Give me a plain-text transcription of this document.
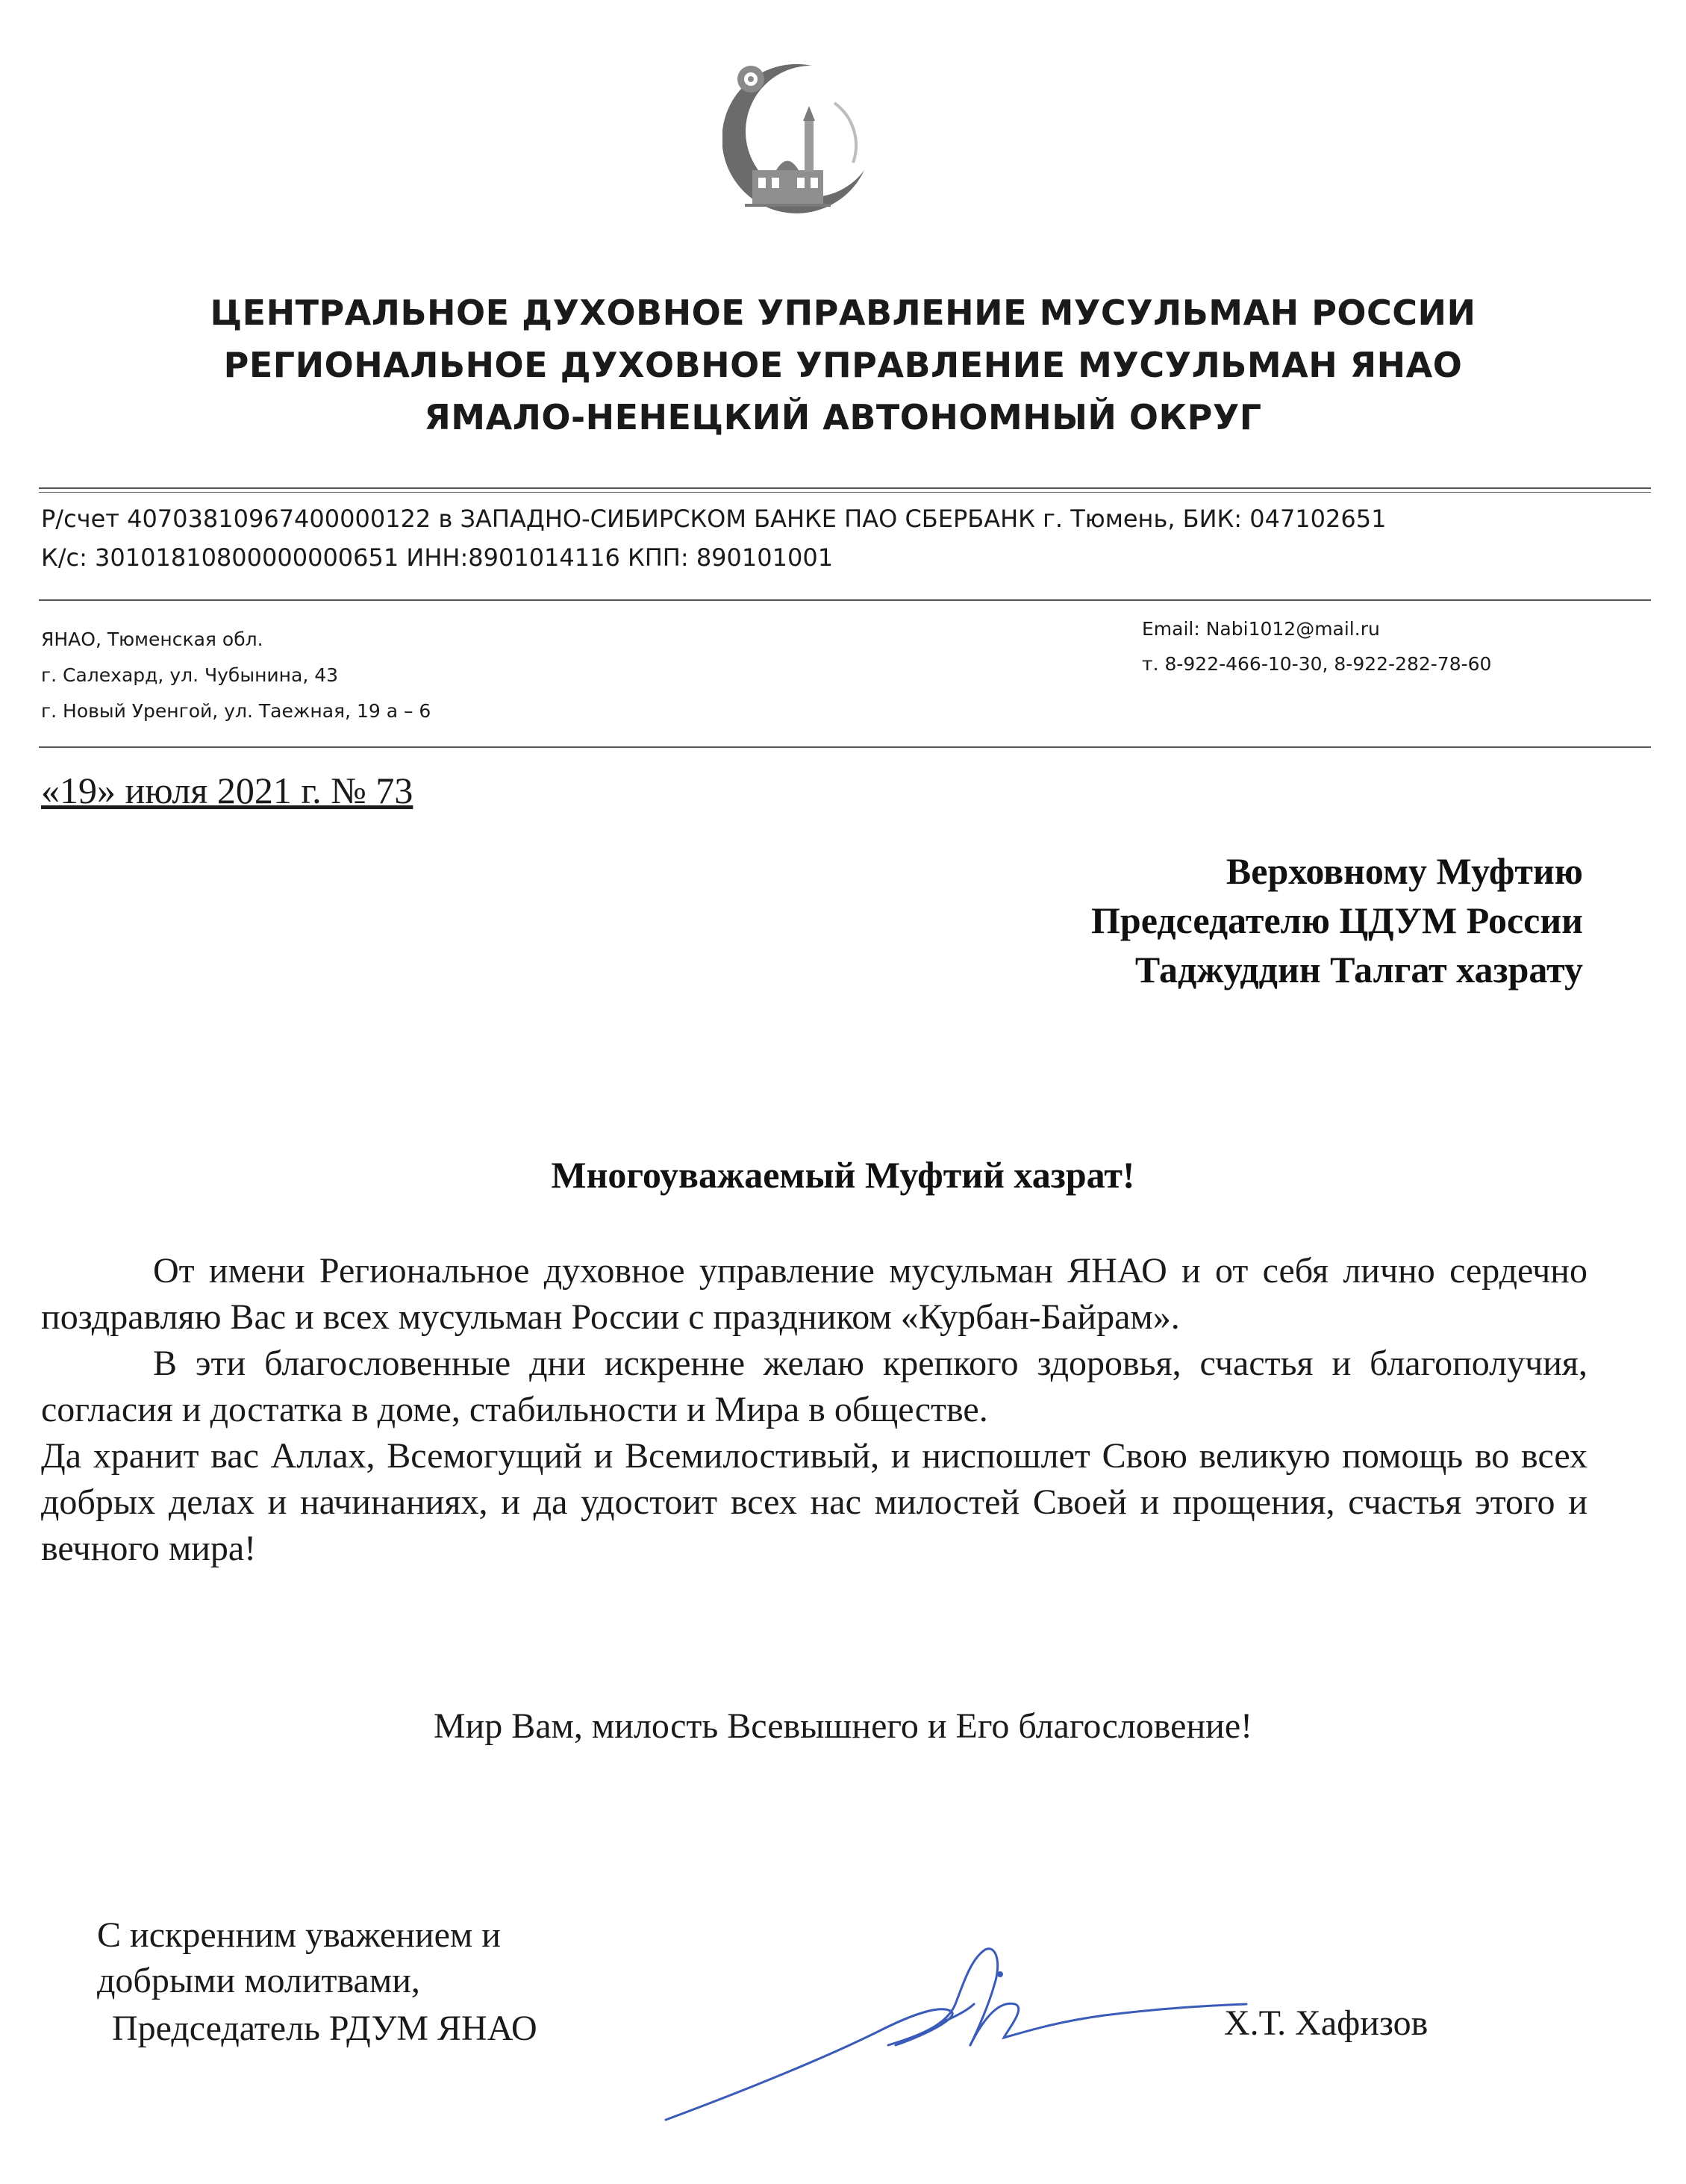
ЦЕНТРАЛЬНОЕ ДУХОВНОЕ УПРАВЛЕНИЕ МУСУЛЬМАН РОССИИ
РЕГИОНАЛЬНОЕ ДУХОВНОЕ УПРАВЛЕНИЕ МУСУЛЬМАН ЯНАО
ЯМАЛО-НЕНЕЦКИЙ АВТОНОМНЫЙ ОКРУГ
Р/счет 40703810967400000122 в ЗАПАДНО-СИБИРСКОМ БАНКЕ ПАО СБЕРБАНК г. Тюмень, БИК: 047102651
К/с: 30101810800000000651 ИНН:8901014116 КПП: 890101001
ЯНАО, Тюменская обл.
г. Салехард, ул. Чубынина, 43
г. Новый Уренгой, ул. Таежная, 19 а – 6
Email: Nabi1012@mail.ru
т. 8-922-466-10-30, 8-922-282-78-60
«19» июля 2021 г. № 73
Верховному Муфтию
Председателю ЦДУМ России
Таджуддин Талгат хазрату
Многоуважаемый Муфтий хазрат!

От имени Региональное духовное управление мусульман ЯНАО и от себя лично сердечно поздравляю Вас и всех мусульман России с праздником «Курбан-Байрам».

В эти благословенные дни искренне желаю крепкого здоровья, счастья и благополучия, согласия и достатка в доме, стабильности и Мира в обществе.

Да хранит вас Аллах, Всемогущий и Всемилостивый, и ниспошлет Свою великую помощь во всех добрых делах и начинаниях, и да удостоит всех нас милостей Своей и прощения, счастья этого и вечного мира!

Мир Вам, милость Всевышнего и Его благословение!
С искренним уважением и
добрыми молитвами,
Председатель РДУМ ЯНАО	Х.Т. Хафизов
